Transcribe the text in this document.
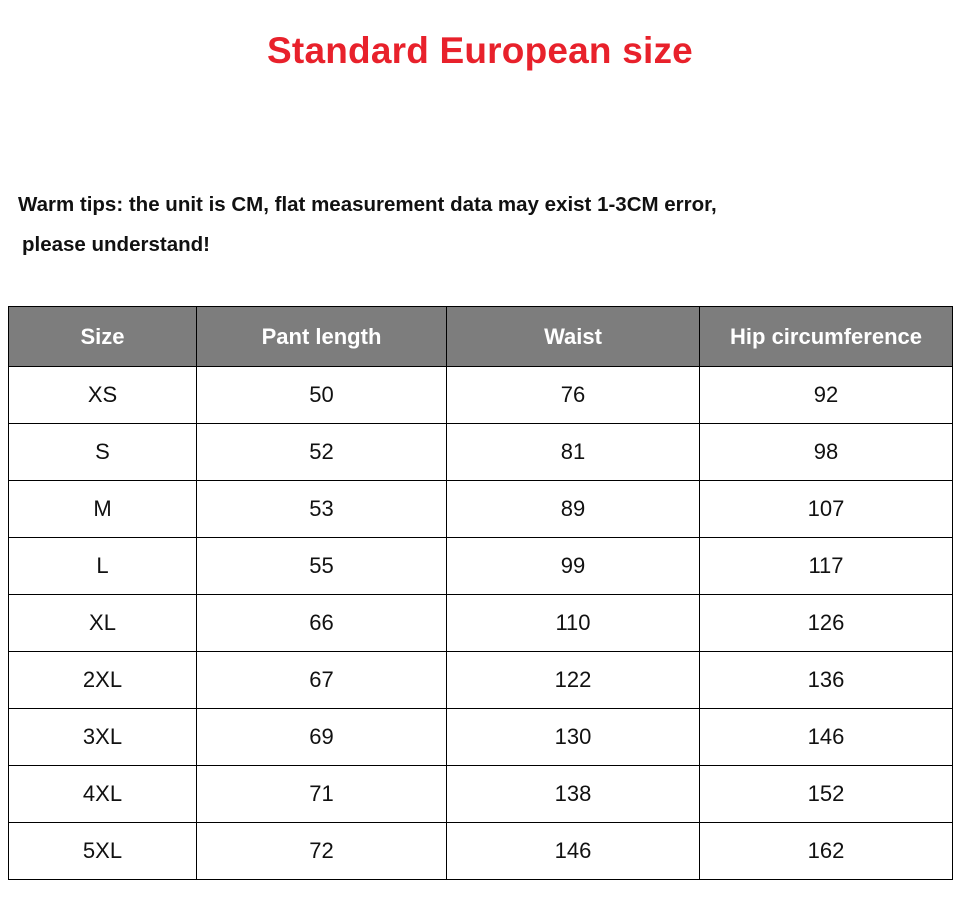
Standard European size

Warm tips: the unit is CM, flat measurement data may exist 1-3CM error,

please understand!

Size	Pant length	Waist	Hip circumference
XS	50	76	92
S	52	81	98
M	53	89	107
L	55	99	117
XL	66	110	126
2XL	67	122	136
3XL	69	130	146
4XL	71	138	152
5XL	72	146	162
